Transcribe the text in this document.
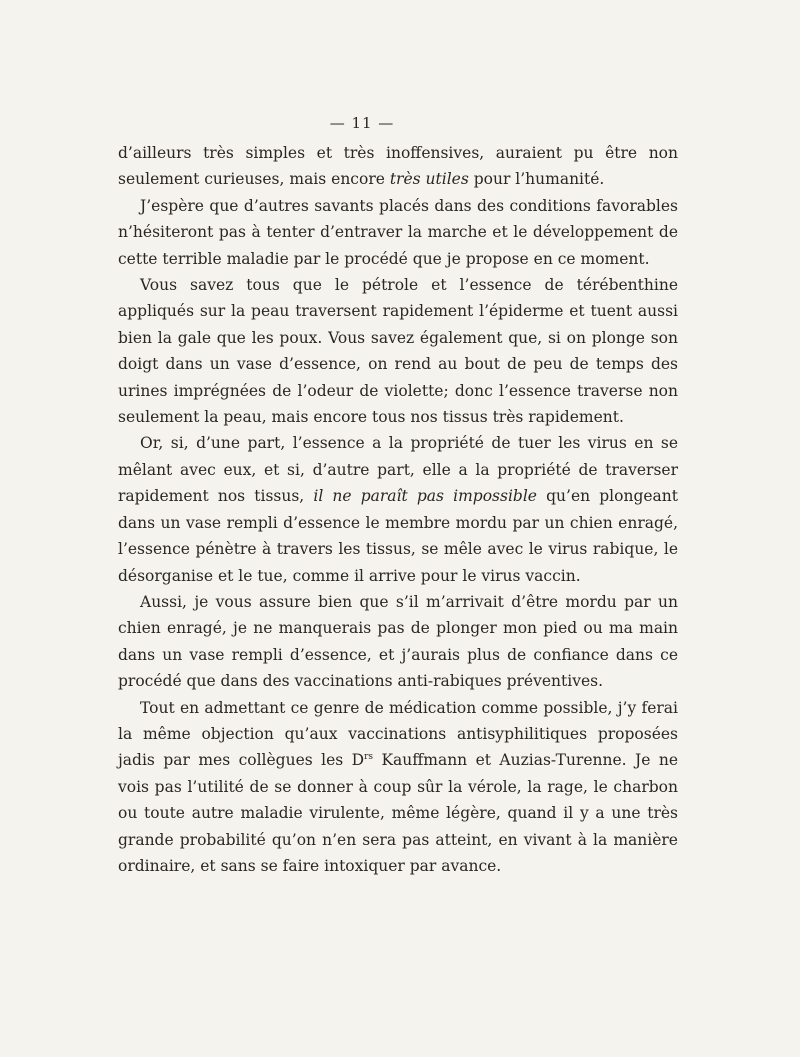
— 11 —

d’ailleurs très simples et très inoffensives, auraient pu être non seulement curieuses, mais encore très utiles pour l’humanité.

J’espère que d’autres savants placés dans des conditions favorables n’hésiteront pas à tenter d’entraver la marche et le développement de cette terrible maladie par le procédé que je propose en ce moment.

Vous savez tous que le pétrole et l’essence de térébenthine appliqués sur la peau traversent rapidement l’épiderme et tuent aussi bien la gale que les poux. Vous savez également que, si on plonge son doigt dans un vase d’essence, on rend au bout de peu de temps des urines imprégnées de l’odeur de violette; donc l’essence traverse non seulement la peau, mais encore tous nos tissus très rapidement.

Or, si, d’une part, l’essence a la propriété de tuer les virus en se mêlant avec eux, et si, d’autre part, elle a la propriété de traverser rapidement nos tissus, il ne paraît pas impossible qu’en plongeant dans un vase rempli d’essence le membre mordu par un chien enragé, l’essence pénètre à travers les tissus, se mêle avec le virus rabique, le désorganise et le tue, comme il arrive pour le virus vaccin.

Aussi, je vous assure bien que s’il m’arrivait d’être mordu par un chien enragé, je ne manquerais pas de plonger mon pied ou ma main dans un vase rempli d’essence, et j’aurais plus de confiance dans ce procédé que dans des vaccinations anti-rabiques préventives.

Tout en admettant ce genre de médication comme possible, j’y ferai la même objection qu’aux vaccinations antisyphilitiques proposées jadis par mes collègues les $D^{rs}$ Kauffmann et Auzias-Turenne. Je ne vois pas l’utilité de se donner à coup sûr la vérole, la rage, le charbon ou toute autre maladie virulente, même légère, quand il y a une très grande probabilité qu’on n’en sera pas atteint, en vivant à la manière ordinaire, et sans se faire intoxiquer par avance.
